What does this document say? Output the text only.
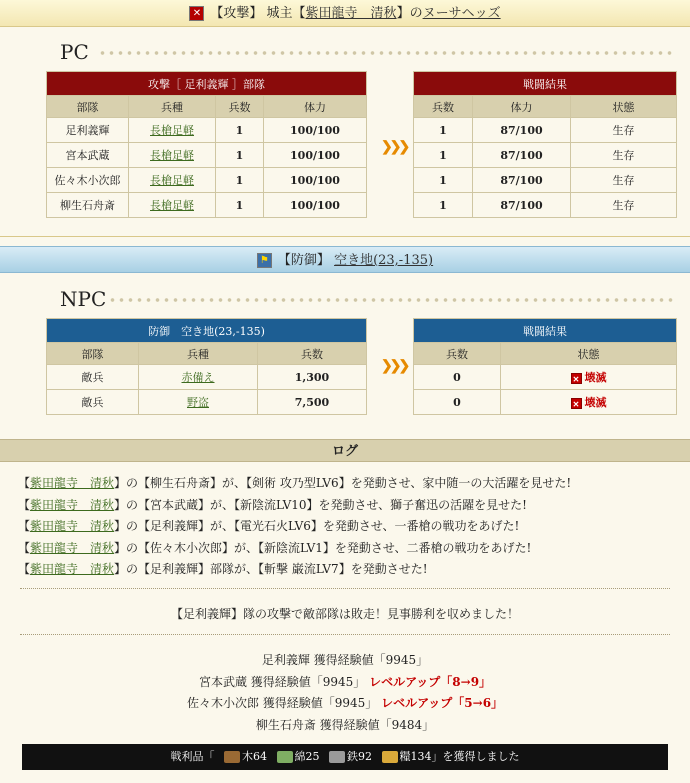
✕ 【攻撃】 城主【紫田龍寺　清秋】のヌーサヘッズ
PC
攻撃［ 足利義輝 ］部隊			
部隊	兵種	兵数	体力
足利義輝	長槍足軽	1	100/100
宮本武蔵	長槍足軽	1	100/100
佐々木小次郎	長槍足軽	1	100/100
柳生石舟斎	長槍足軽	1	100/100
❯❯❯
戦闘結果		
兵数	体力	状態
1	87/100	生存
1	87/100	生存
1	87/100	生存
1	87/100	生存
⚑ 【防御】 空き地(23,-135)
NPC
防御　空き地(23,-135)		
部隊	兵種	兵数
敵兵	赤備え	1,300
敵兵	野盗	7,500
❯❯❯
戦闘結果	
兵数	状態
0	✕ 壊滅
0	✕ 壊滅
ログ
【紫田龍寺　清秋】の【柳生石舟斎】が、【剣術 攻乃型LV6】を発動させ、家中随一の大活躍を見せた!
【紫田龍寺　清秋】の【宮本武蔵】が、【新陰流LV10】を発動させ、獅子奮迅の活躍を見せた!
【紫田龍寺　清秋】の【足利義輝】が、【電光石火LV6】を発動させ、一番槍の戦功をあげた!
【紫田龍寺　清秋】の【佐々木小次郎】が、【新陰流LV1】を発動させ、二番槍の戦功をあげた!
【紫田龍寺　清秋】の【足利義輝】部隊が、【斬撃 巌流LV7】を発動させた!
【足利義輝】隊の攻撃で敵部隊は敗走！見事勝利を収めました！
足利義輝 獲得経験値「9945」
宮本武蔵 獲得経験値「9945」 レベルアップ「8→9」
佐々木小次郎 獲得経験値「9945」 レベルアップ「5→6」
柳生石舟斎 獲得経験値「9484」
戦利品「	木64	綿25	鉄92	糧134」を獲得しました
